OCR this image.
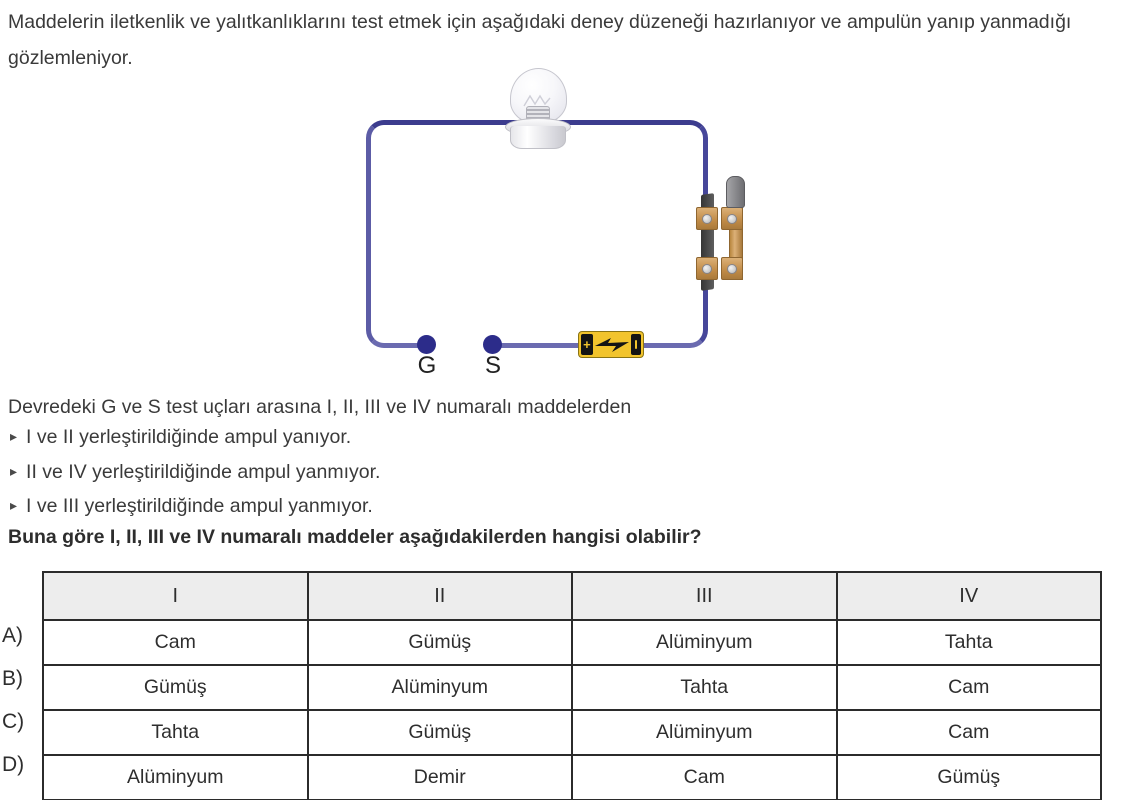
Maddelerin iletkenlik ve yalıtkanlıklarını test etmek için aşağıdaki deney düzeneği hazırlanıyor ve ampulün yanıp yanmadığı gözlemleniyor.
+
G	S
Devredeki G ve S test uçları arasına I, II, III ve IV numaralı maddelerden
▸ I ve II yerleştirildiğinde ampul yanıyor.
▸ II ve IV yerleştirildiğinde ampul yanmıyor.
▸ I ve III yerleştirildiğinde ampul yanmıyor.
Buna göre I, II, III ve IV numaralı maddeler aşağıdakilerden hangisi olabilir?
A)
B)
C)
D)
I	II	III	IV
Cam	Gümüş	Alüminyum	Tahta
Gümüş	Alüminyum	Tahta	Cam
Tahta	Gümüş	Alüminyum	Cam
Alüminyum	Demir	Cam	Gümüş
